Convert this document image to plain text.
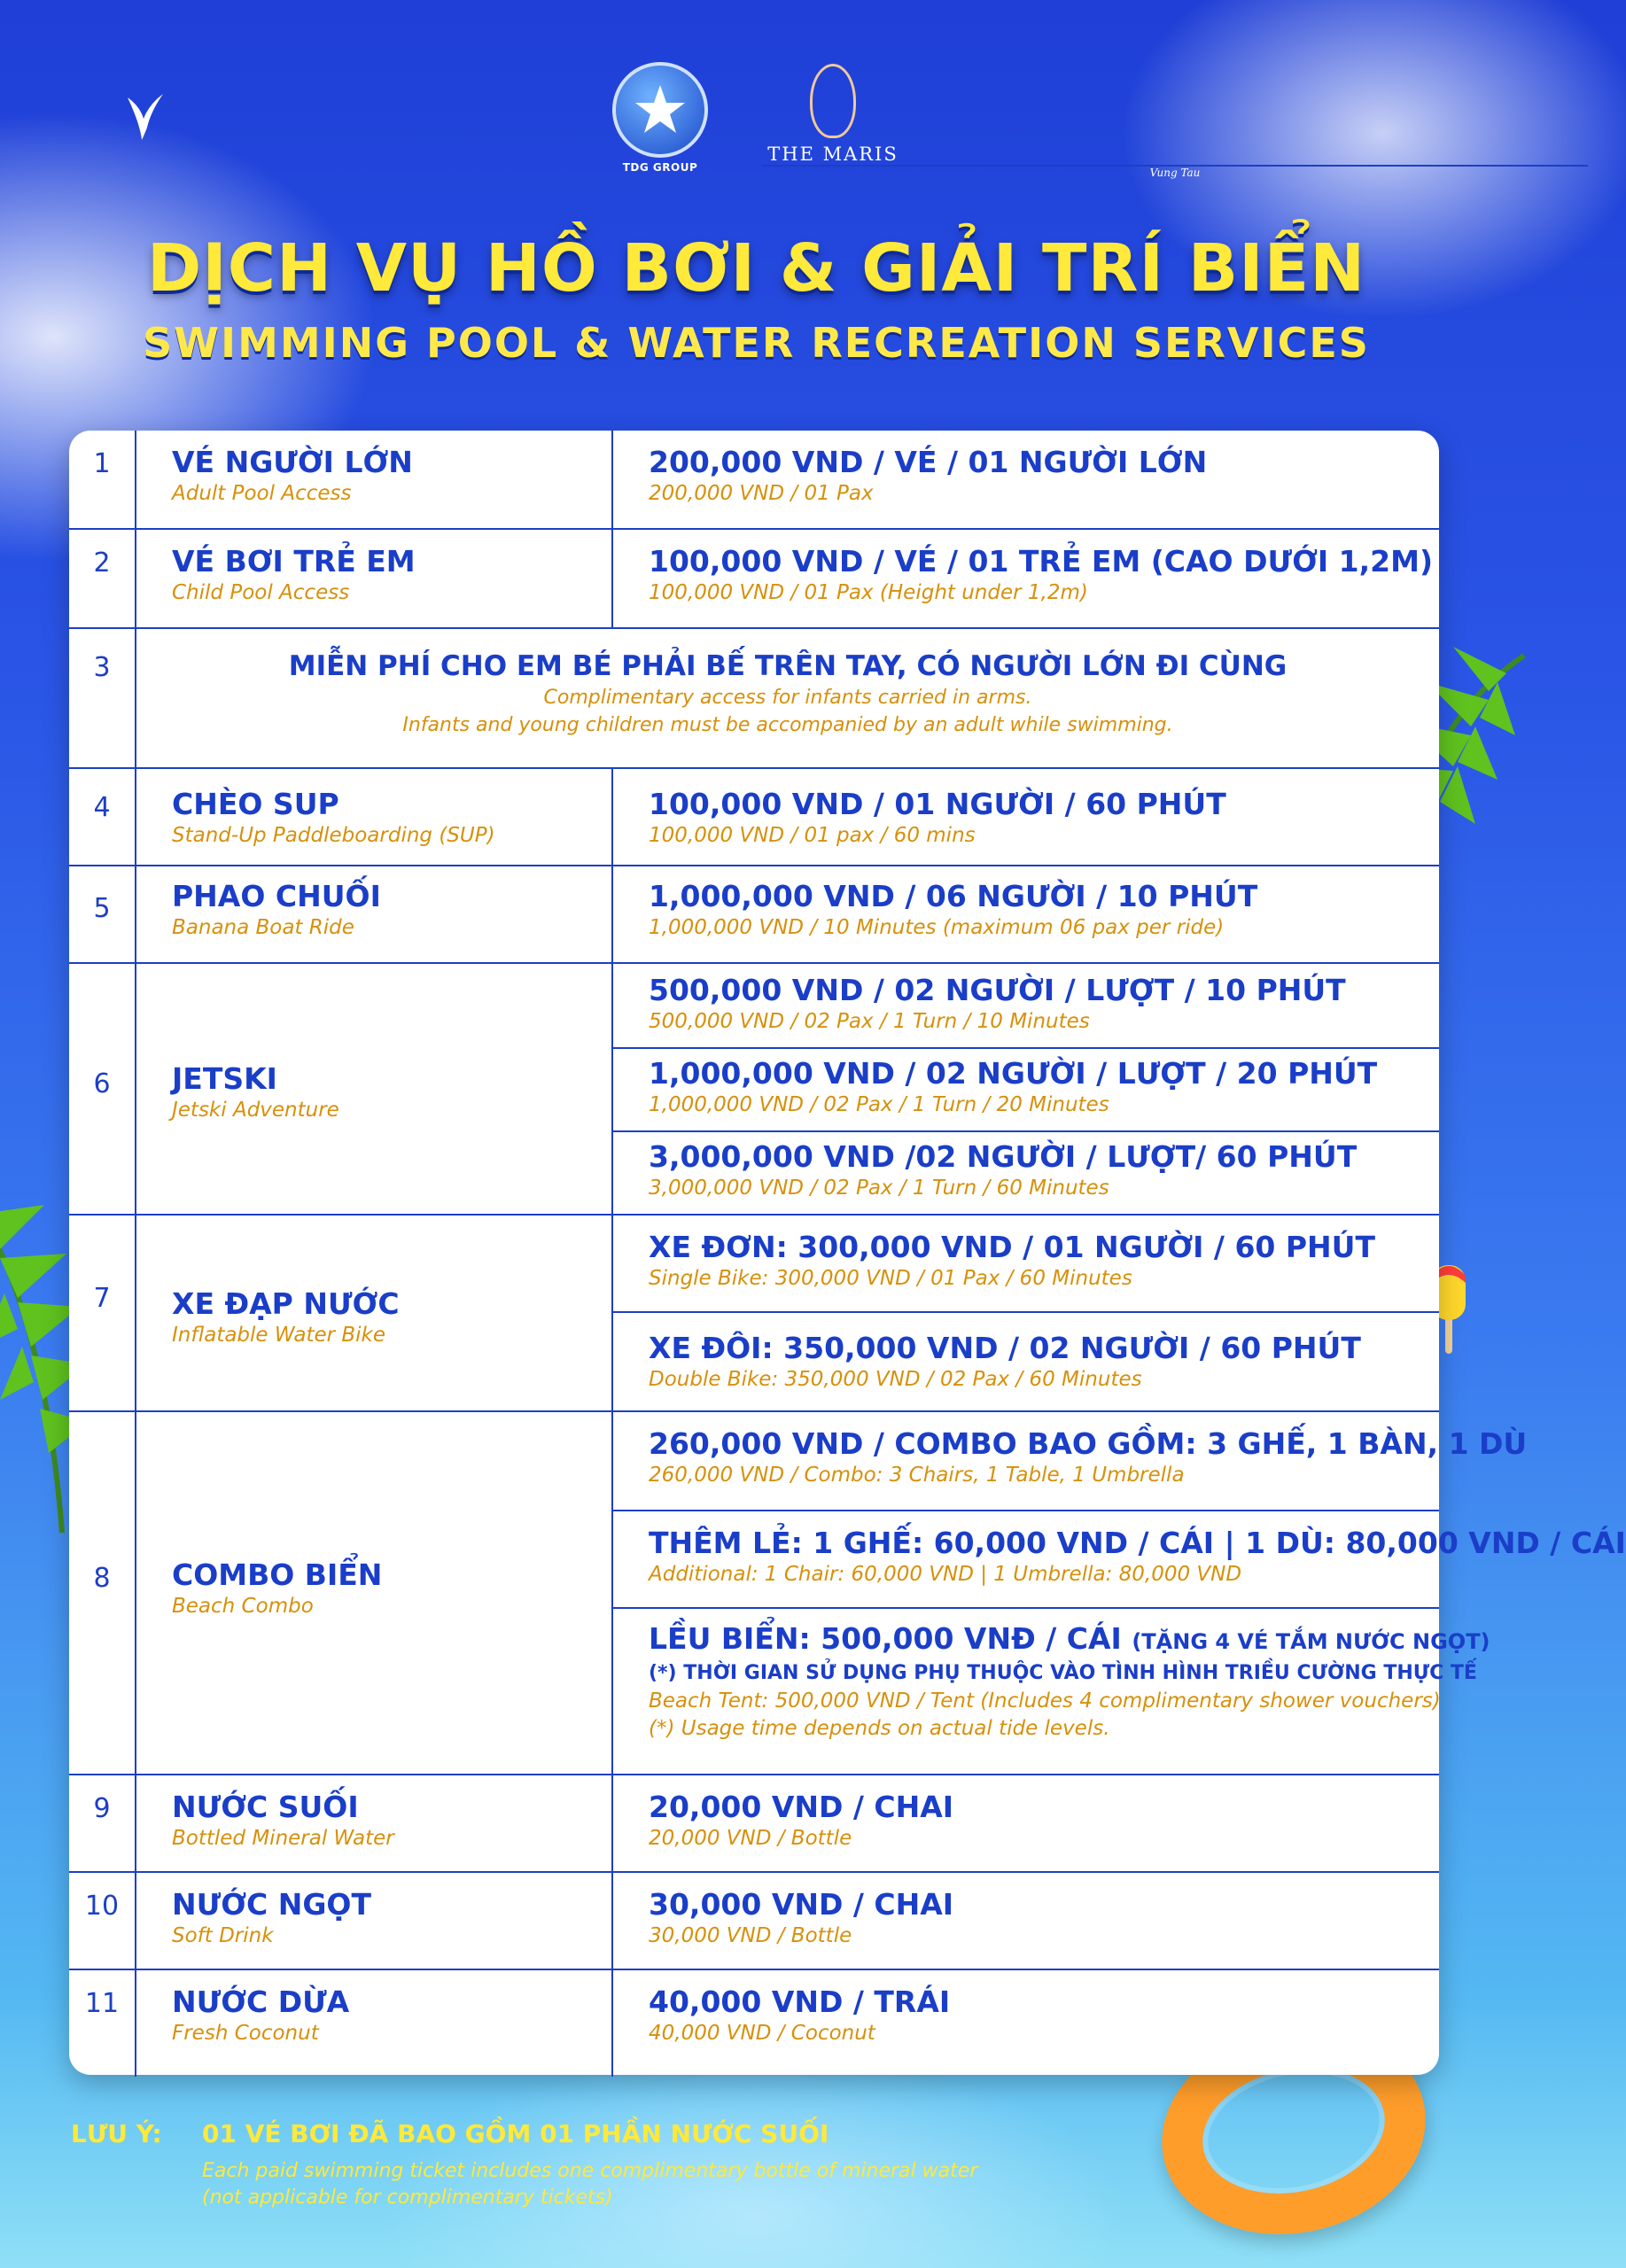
TDG GROUP
THE MARIS
Vung Tau
DỊCH VỤ HỒ BƠI & GIẢI TRÍ BIỂN
SWIMMING POOL & WATER RECREATION SERVICES
1	VÉ NGƯỜI LỚN
Adult Pool Access
200,000 VND / VÉ / 01 NGƯỜI LỚN
200,000 VND / 01 Pax
2	VÉ BƠI TRẺ EM
Child Pool Access
100,000 VND / VÉ / 01 TRẺ EM (CAO DƯỚI 1,2M)
100,000 VND / 01 Pax (Height under 1,2m)
3	MIỄN PHÍ CHO EM BÉ PHẢI BẾ TRÊN TAY, CÓ NGƯỜI LỚN ĐI CÙNG
Complimentary access for infants carried in arms.
Infants and young children must be accompanied by an adult while swimming.
4	CHÈO SUP
Stand-Up Paddleboarding (SUP)
100,000 VND / 01 NGƯỜI / 60 PHÚT
100,000 VND / 01 pax / 60 mins
5	PHAO CHUỐI
Banana Boat Ride
1,000,000 VND / 06 NGƯỜI / 10 PHÚT
1,000,000 VND / 10 Minutes (maximum 06 pax per ride)
6	JETSKI
Jetski Adventure
500,000 VND / 02 NGƯỜI / LƯỢT / 10 PHÚT
500,000 VND / 02 Pax / 1 Turn / 10 Minutes
1,000,000 VND / 02 NGƯỜI / LƯỢT / 20 PHÚT
1,000,000 VND / 02 Pax / 1 Turn / 20 Minutes
3,000,000 VND /02 NGƯỜI / LƯỢT/ 60 PHÚT
3,000,000 VND / 02 Pax / 1 Turn / 60 Minutes
7	XE ĐẠP NƯỚC
Inflatable Water Bike
XE ĐƠN: 300,000 VND / 01 NGƯỜI / 60 PHÚT
Single Bike: 300,000 VND / 01 Pax / 60 Minutes
XE ĐÔI: 350,000 VND / 02 NGƯỜI / 60 PHÚT
Double Bike: 350,000 VND / 02 Pax / 60 Minutes
8	COMBO BIỂN
Beach Combo
260,000 VND / COMBO BAO GỒM: 3 GHẾ, 1 BÀN, 1 DÙ
260,000 VND / Combo: 3 Chairs, 1 Table, 1 Umbrella
THÊM LẺ: 1 GHẾ: 60,000 VND / CÁI | 1 DÙ: 80,000 VND / CÁI
Additional: 1 Chair: 60,000 VND | 1 Umbrella: 80,000 VND
LỀU BIỂN: 500,000 VNĐ / CÁI (TẶNG 4 VÉ TẮM NƯỚC NGỌT)
(*) THỜI GIAN SỬ DỤNG PHỤ THUỘC VÀO TÌNH HÌNH TRIỀU CƯỜNG THỰC TẾ
Beach Tent: 500,000 VND / Tent (Includes 4 complimentary shower vouchers)
(*) Usage time depends on actual tide levels.
9	NƯỚC SUỐI
Bottled Mineral Water
20,000 VND / CHAI
20,000 VND / Bottle
10	NƯỚC NGỌT
Soft Drink
30,000 VND / CHAI
30,000 VND / Bottle
11	NƯỚC DỪA
Fresh Coconut
40,000 VND / TRÁI
40,000 VND / Coconut
LƯU Ý: 01 VÉ BƠI ĐÃ BAO GỒM 01 PHẦN NƯỚC SUỐI
Each paid swimming ticket includes one complimentary bottle of mineral water
(not applicable for complimentary tickets)
